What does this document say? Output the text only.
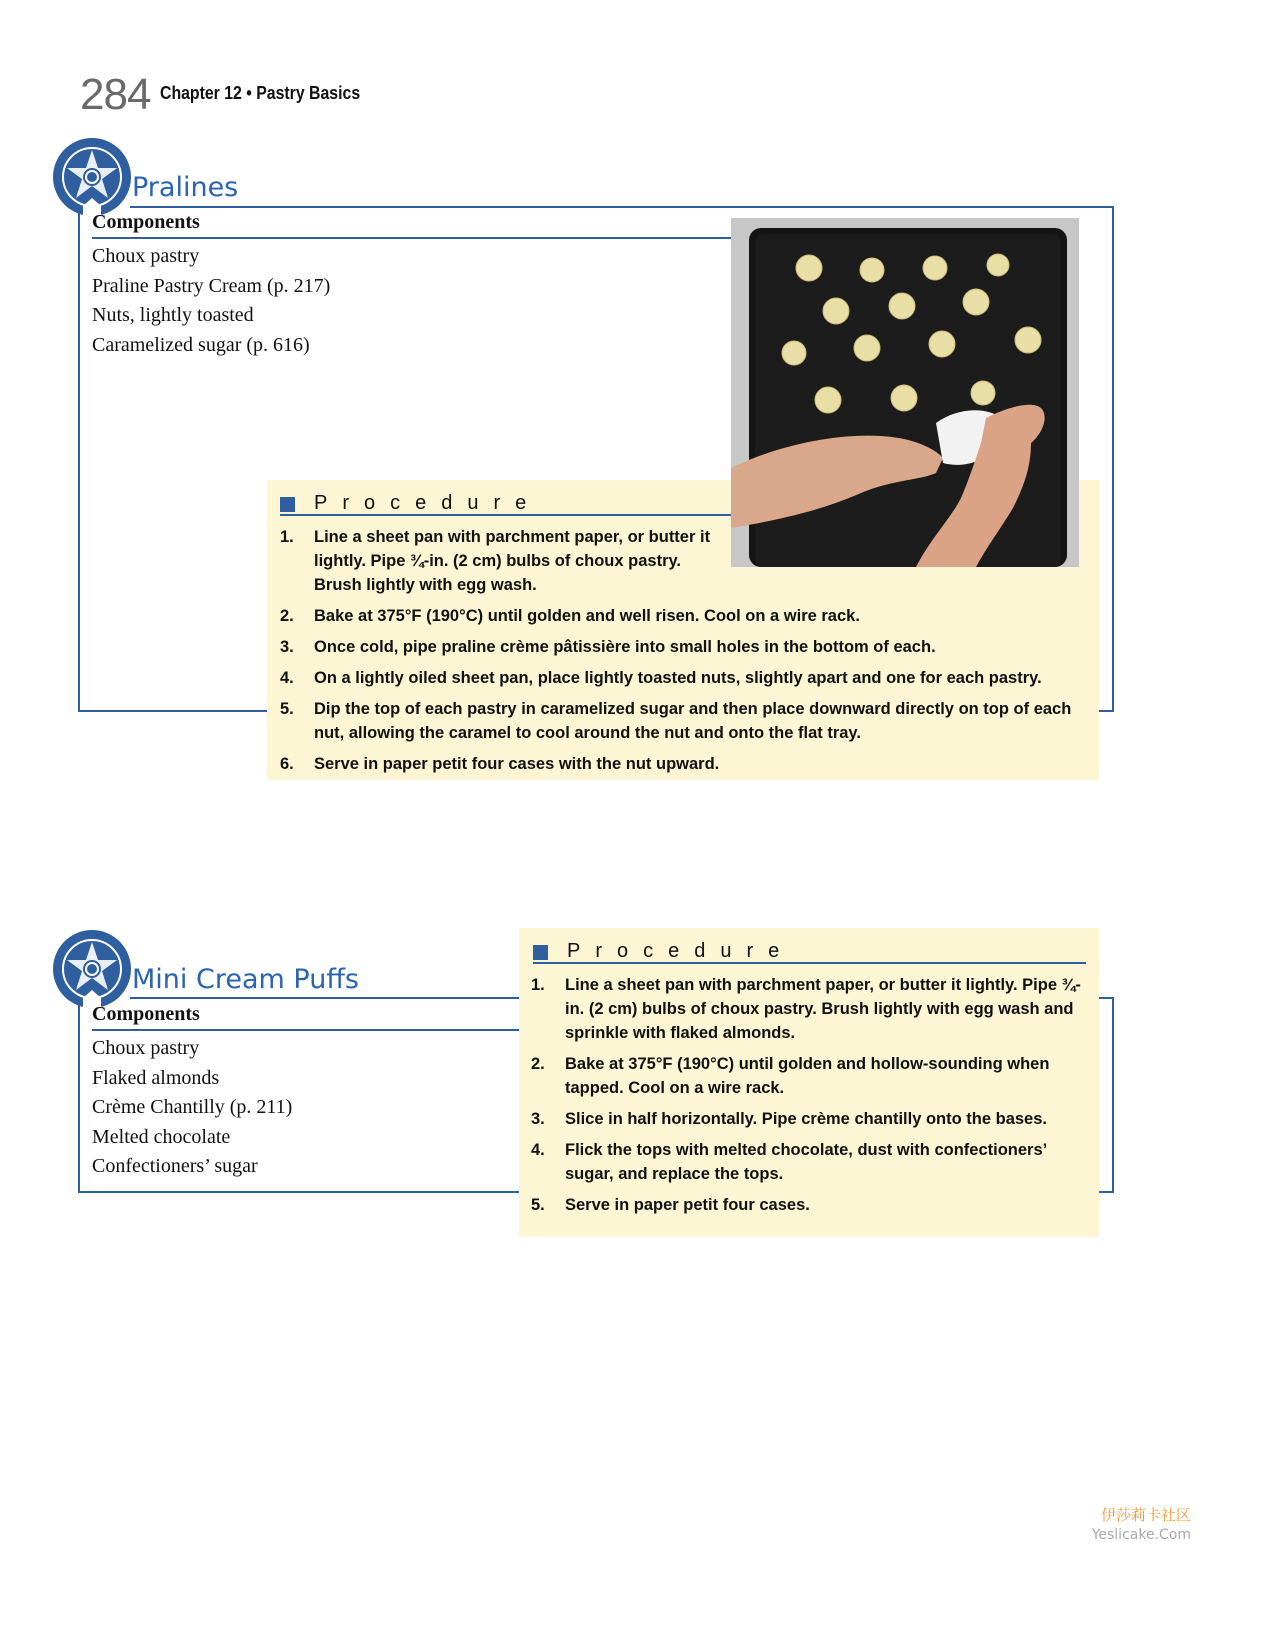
284 Chapter 12 • Pastry Basics
Pralines
Components
Choux pastry
Praline Pastry Cream (p. 217)
Nuts, lightly toasted
Caramelized sugar (p. 616)
Procedure
1. Line a sheet pan with parchment paper, or butter it lightly. Pipe ¾-in. (2 cm) bulbs of choux pastry. Brush lightly with egg wash.
2. Bake at 375°F (190°C) until golden and well risen. Cool on a wire rack.
3. Once cold, pipe praline crème pâtissière into small holes in the bottom of each.
4. On a lightly oiled sheet pan, place lightly toasted nuts, slightly apart and one for each pastry.
5. Dip the top of each pastry in caramelized sugar and then place downward directly on top of each nut, allowing the caramel to cool around the nut and onto the flat tray.
6. Serve in paper petit four cases with the nut upward.
Mini Cream Puffs
Components
Choux pastry
Flaked almonds
Crème Chantilly (p. 211)
Melted chocolate
Confectioners’ sugar
Procedure
1. Line a sheet pan with parchment paper, or butter it lightly. Pipe ¾-in. (2 cm) bulbs of choux pastry. Brush lightly with egg wash and sprinkle with flaked almonds.
2. Bake at 375°F (190°C) until golden and hollow-sounding when tapped. Cool on a wire rack.
3. Slice in half horizontally. Pipe crème chantilly onto the bases.
4. Flick the tops with melted chocolate, dust with confectioners’ sugar, and replace the tops.
5. Serve in paper petit four cases.
伊莎莉卡社区
Yeslicake.Com
